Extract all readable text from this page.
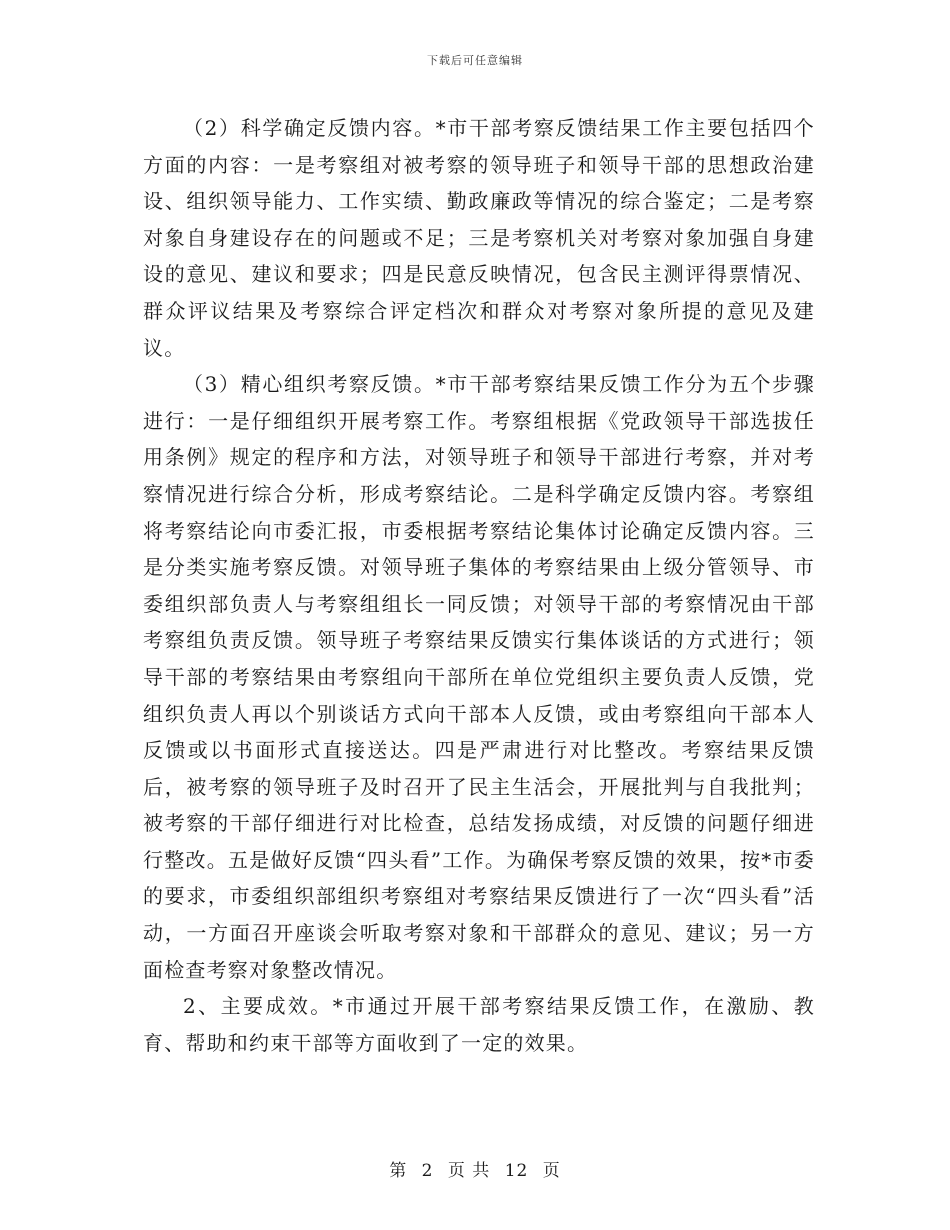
下载后可任意编辑

（2）科学确定反馈内容。*市干部考察反馈结果工作主要包括四个方面的内容：一是考察组对被考察的领导班子和领导干部的思想政治建设、组织领导能力、工作实绩、勤政廉政等情况的综合鉴定；二是考察对象自身建设存在的问题或不足；三是考察机关对考察对象加强自身建设的意见、建议和要求；四是民意反映情况，包含民主测评得票情况、群众评议结果及考察综合评定档次和群众对考察对象所提的意见及建议。

（3）精心组织考察反馈。*市干部考察结果反馈工作分为五个步骤进行：一是仔细组织开展考察工作。考察组根据《党政领导干部选拔任用条例》规定的程序和方法，对领导班子和领导干部进行考察，并对考察情况进行综合分析，形成考察结论。二是科学确定反馈内容。考察组将考察结论向市委汇报，市委根据考察结论集体讨论确定反馈内容。三是分类实施考察反馈。对领导班子集体的考察结果由上级分管领导、市委组织部负责人与考察组组长一同反馈；对领导干部的考察情况由干部考察组负责反馈。领导班子考察结果反馈实行集体谈话的方式进行；领导干部的考察结果由考察组向干部所在单位党组织主要负责人反馈，党组织负责人再以个别谈话方式向干部本人反馈，或由考察组向干部本人反馈或以书面形式直接送达。四是严肃进行对比整改。考察结果反馈后，被考察的领导班子及时召开了民主生活会，开展批判与自我批判；被考察的干部仔细进行对比检查，总结发扬成绩，对反馈的问题仔细进行整改。五是做好反馈“四头看”工作。为确保考察反馈的效果，按*市委的要求，市委组织部组织考察组对考察结果反馈进行了一次“四头看”活动，一方面召开座谈会听取考察对象和干部群众的意见、建议；另一方面检查考察对象整改情况。

2、主要成效。*市通过开展干部考察结果反馈工作，在激励、教育、帮助和约束干部等方面收到了一定的效果。

第 2 页 共 12 页
